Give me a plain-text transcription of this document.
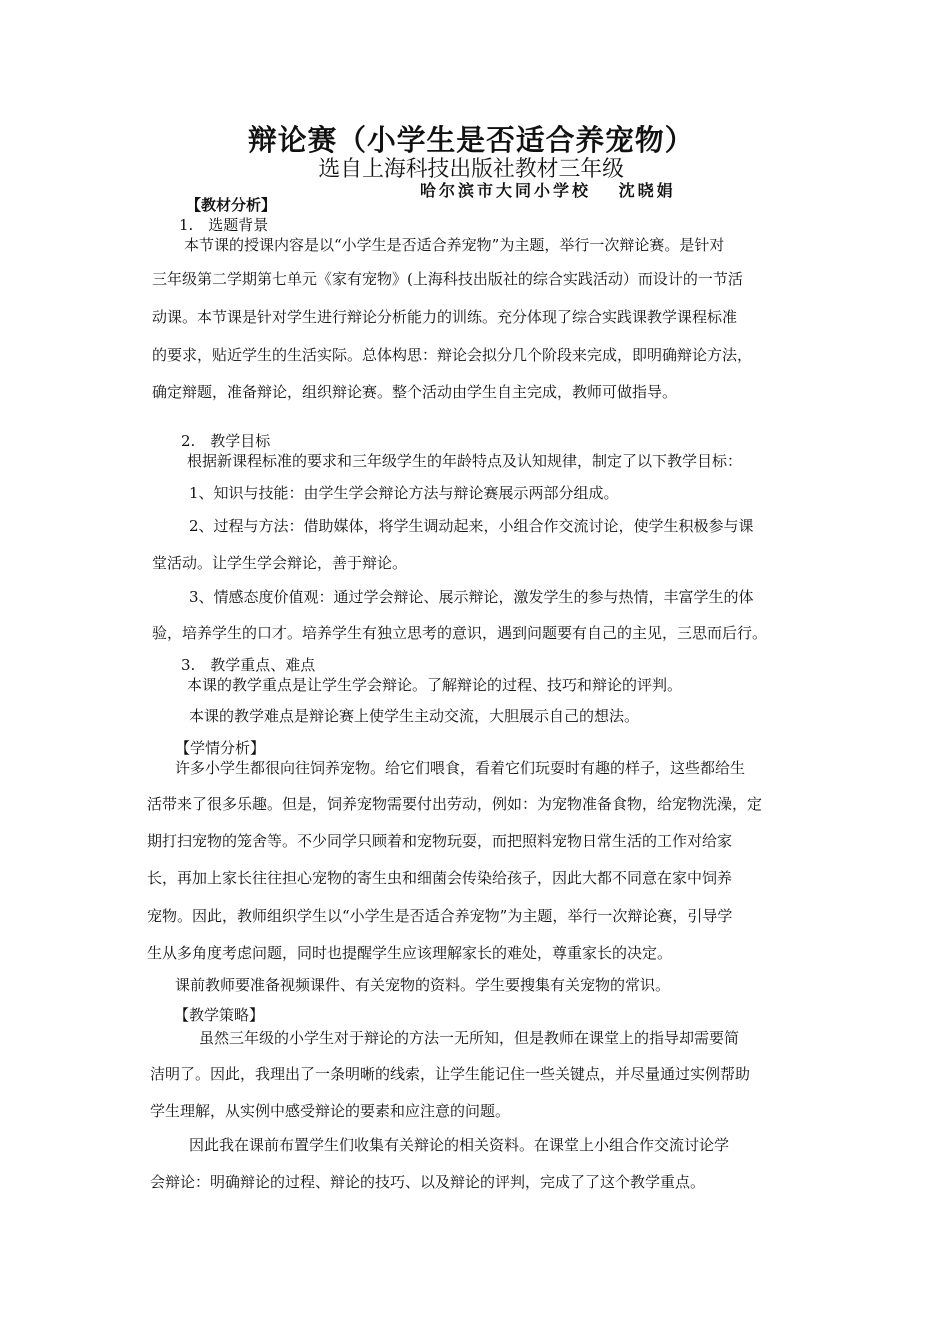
辩论赛（小学生是否适合养宠物）
选自上海科技出版社教材三年级
哈尔滨市大同小学校　 沈晓娟
【教材分析】
1.　选题背景
本节课的授课内容是以“小学生是否适合养宠物”为主题，举行一次辩论赛。是针对
三年级第二学期第七单元《家有宠物》(上海科技出版社的综合实践活动）而设计的一节活
动课。本节课是针对学生进行辩论分析能力的训练。充分体现了综合实践课教学课程标准
的要求，贴近学生的生活实际。总体构思：辩论会拟分几个阶段来完成，即明确辩论方法，
确定辩题，准备辩论，组织辩论赛。整个活动由学生自主完成，教师可做指导。
2.　教学目标
根据新课程标准的要求和三年级学生的年龄特点及认知规律，制定了以下教学目标：
1、知识与技能：由学生学会辩论方法与辩论赛展示两部分组成。
2、过程与方法：借助媒体，将学生调动起来，小组合作交流讨论，使学生积极参与课
堂活动。让学生学会辩论，善于辩论。
3、情感态度价值观：通过学会辩论、展示辩论，激发学生的参与热情，丰富学生的体
验，培养学生的口才。培养学生有独立思考的意识，遇到问题要有自己的主见，三思而后行。
3.　教学重点、难点
本课的教学重点是让学生学会辩论。了解辩论的过程、技巧和辩论的评判。
本课的教学难点是辩论赛上使学生主动交流，大胆展示自己的想法。
【学情分析】
许多小学生都很向往饲养宠物。给它们喂食，看着它们玩耍时有趣的样子，这些都给生
活带来了很多乐趣。但是，饲养宠物需要付出劳动，例如：为宠物准备食物，给宠物洗澡，定
期打扫宠物的笼舍等。不少同学只顾着和宠物玩耍，而把照料宠物日常生活的工作对给家
长，再加上家长往往担心宠物的寄生虫和细菌会传染给孩子，因此大都不同意在家中饲养
宠物。因此，教师组织学生以“小学生是否适合养宠物”为主题，举行一次辩论赛，引导学
生从多角度考虑问题，同时也提醒学生应该理解家长的难处，尊重家长的决定。
课前教师要准备视频课件、有关宠物的资料。学生要搜集有关宠物的常识。
【教学策略】
虽然三年级的小学生对于辩论的方法一无所知，但是教师在课堂上的指导却需要简
洁明了。因此，我理出了一条明晰的线索，让学生能记住一些关键点，并尽量通过实例帮助
学生理解，从实例中感受辩论的要素和应注意的问题。
因此我在课前布置学生们收集有关辩论的相关资料。在课堂上小组合作交流讨论学
会辩论：明确辩论的过程、辩论的技巧、以及辩论的评判，完成了了这个教学重点。
